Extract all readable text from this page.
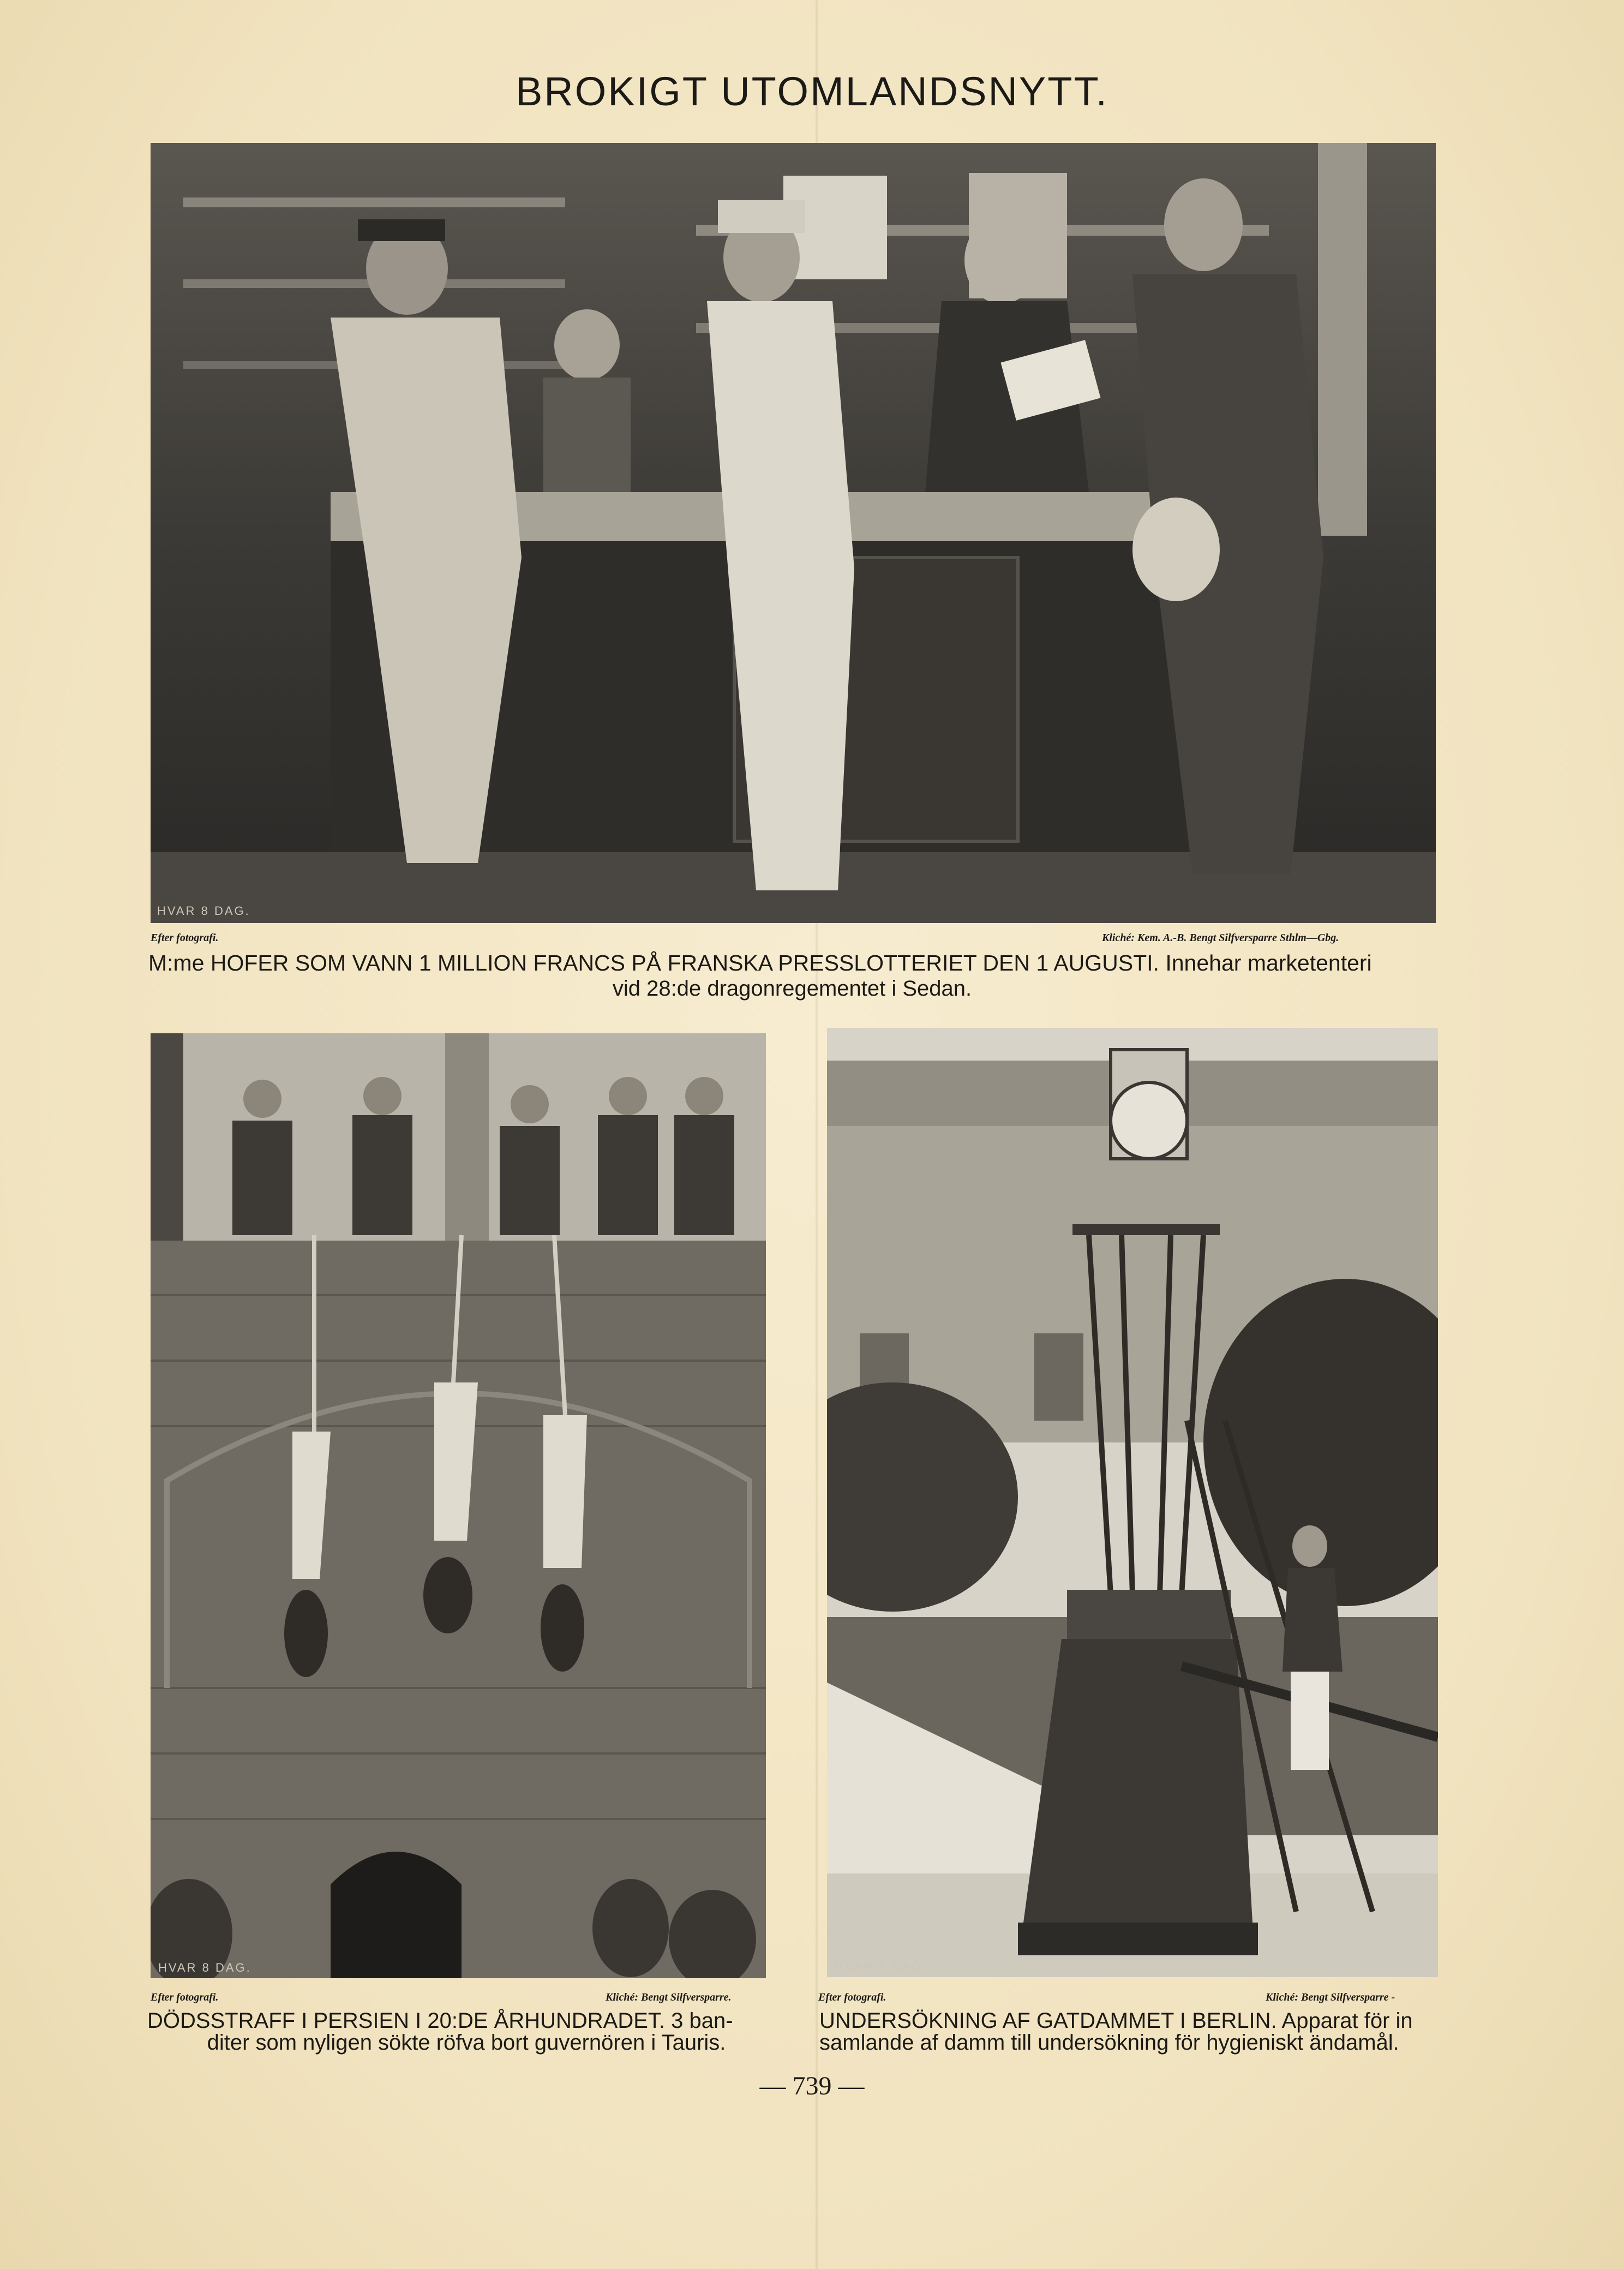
BROKIGT UTOMLANDSNYTT.
HVAR 8 DAG.
Efter fotografi.	Kliché: Kem. A.-B. Bengt Silfversparre Sthlm—Gbg.

M:me HOFER SOM VANN 1 MILLION FRANCS PÅ FRANSKA PRESSLOTTERIET DEN 1 AUGUSTI. Innehar marketenteri

vid 28:de dragonregementet i Sedan.

HVAR 8 DAG.
Efter fotografi.	Kliché: Bengt Silfversparre.

DÖDSSTRAFF I PERSIEN I 20:DE ÅRHUNDRADET. 3 ban-
diter som nyligen sökte röfva bort guvernören i Tauris.

HVAR 8 DAG.
Efter fotografi.	Kliché: Bengt Silfversparre -

UNDERSÖKNING AF GATDAMMET I BERLIN. Apparat för in
samlande af damm till undersökning för hygieniskt ändamål.

— 739 —
